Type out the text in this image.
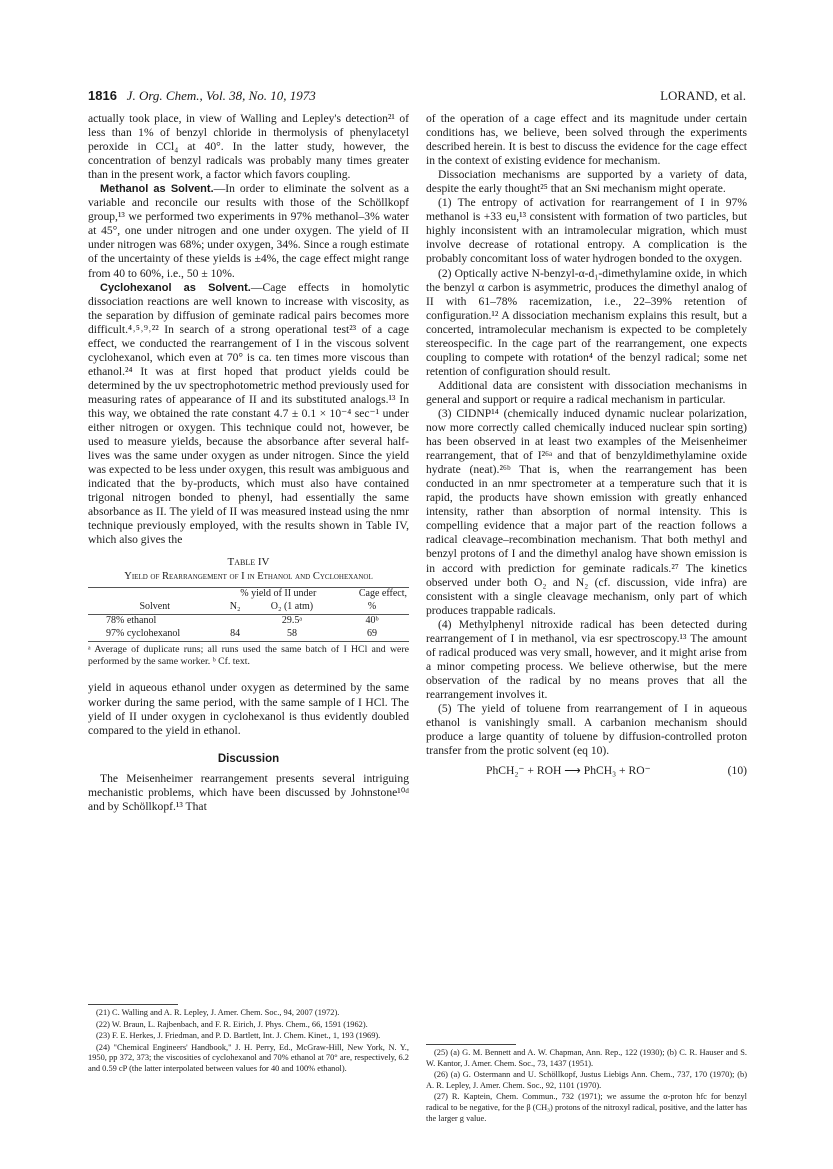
1816 J. Org. Chem., Vol. 38, No. 10, 1973	LORAND, et al.

actually took place, in view of Walling and Lepley's detection²¹ of less than 1% of benzyl chloride in thermolysis of phenylacetyl peroxide in CCl₄ at 40°. In the latter study, however, the concentration of benzyl radicals was probably many times greater than in the present work, a factor which favors coupling.

Methanol as Solvent.—In order to eliminate the solvent as a variable and reconcile our results with those of the Schöllkopf group,¹³ we performed two experiments in 97% methanol–3% water at 45°, one under nitrogen and one under oxygen. The yield of II under nitrogen was 68%; under oxygen, 34%. Since a rough estimate of the uncertainty of these yields is ±4%, the cage effect might range from 40 to 60%, i.e., 50 ± 10%.

Cyclohexanol as Solvent.—Cage effects in homolytic dissociation reactions are well known to increase with viscosity, as the separation by diffusion of geminate radical pairs becomes more difficult.⁴˒⁵˒⁹˒²² In search of a strong operational test²³ of a cage effect, we conducted the rearrangement of I in the viscous solvent cyclohexanol, which even at 70° is ca. ten times more viscous than ethanol.²⁴ It was at first hoped that product yields could be determined by the uv spectrophotometric method previously used for measuring rates of appearance of II and its substituted analogs.¹³ In this way, we obtained the rate constant 4.7 ± 0.1 × 10⁻⁴ sec⁻¹ under either nitrogen or oxygen. This technique could not, however, be used to measure yields, because the absorbance after several half-lives was the same under oxygen as under nitrogen. Since the yield was expected to be less under oxygen, this result was ambiguous and indicated that the by-products, which must also have contained trigonal nitrogen bonded to phenyl, had essentially the same absorbance as II. The yield of II was measured instead using the nmr technique previously employed, with the results shown in Table IV, which also gives the

Table IV
Yield of Rearrangement of I in Ethanol and Cyclohexanol

	% yield of II under		Cage effect,
Solvent	N₂	O₂ (1 atm)	%

78% ethanol		29.5ᵃ	40ᵇ
97% cyclohexanol	84	58	69

ᵃ Average of duplicate runs; all runs used the same batch of I HCl and were performed by the same worker. ᵇ Cf. text.

yield in aqueous ethanol under oxygen as determined by the same worker during the same period, with the same sample of I HCl. The yield of II under oxygen in cyclohexanol is thus evidently doubled compared to the yield in ethanol.

Discussion

The Meisenheimer rearrangement presents several intriguing mechanistic problems, which have been discussed by Johnstone¹⁰ᵈ and by Schöllkopf.¹³ That

(21) C. Walling and A. R. Lepley, J. Amer. Chem. Soc., 94, 2007 (1972).

(22) W. Braun, L. Rajbenbach, and F. R. Eirich, J. Phys. Chem., 66, 1591 (1962).

(23) F. E. Herkes, J. Friedman, and P. D. Bartlett, Int. J. Chem. Kinet., 1, 193 (1969).

(24) "Chemical Engineers' Handbook," J. H. Perry, Ed., McGraw-Hill, New York, N. Y., 1950, pp 372, 373; the viscosities of cyclohexanol and 70% ethanol at 70° are, respectively, 6.2 and 0.59 cP (the latter interpolated between values for 40 and 100% ethanol).

of the operation of a cage effect and its magnitude under certain conditions has, we believe, been solved through the experiments described herein. It is best to discuss the evidence for the cage effect in the context of existing evidence for mechanism.

Dissociation mechanisms are supported by a variety of data, despite the early thought²⁵ that an Sɴi mechanism might operate.

(1) The entropy of activation for rearrangement of I in 97% methanol is +33 eu,¹³ consistent with formation of two particles, but highly inconsistent with an intramolecular migration, which must involve decrease of rotational entropy. A complication is the probably concomitant loss of water hydrogen bonded to the oxygen.

(2) Optically active N-benzyl-α-d₁-dimethylamine oxide, in which the benzyl α carbon is asymmetric, produces the dimethyl analog of II with 61–78% racemization, i.e., 22–39% retention of configuration.¹² A dissociation mechanism explains this result, but a concerted, intramolecular mechanism is expected to be completely stereospecific. In the cage part of the rearrangement, one expects coupling to compete with rotation⁴ of the benzyl radical; some net retention of configuration should result.

Additional data are consistent with dissociation mechanisms in general and support or require a radical mechanism in particular.

(3) CIDNP¹⁴ (chemically induced dynamic nuclear polarization, now more correctly called chemically induced nuclear spin sorting) has been observed in at least two examples of the Meisenheimer rearrangement, that of I²⁶ᵃ and that of benzyldimethylamine oxide hydrate (neat).²⁶ᵇ That is, when the rearrangement has been conducted in an nmr spectrometer at a temperature such that it is rapid, the products have shown emission with greatly enhanced intensity, rather than absorption of normal intensity. This is compelling evidence that a major part of the reaction follows a radical cleavage–recombination mechanism. That both methyl and benzyl protons of I and the dimethyl analog have shown emission is in accord with prediction for geminate radicals.²⁷ The kinetics observed under both O₂ and N₂ (cf. discussion, vide infra) are consistent with a single cleavage mechanism, only part of which produces trappable radicals.

(4) Methylphenyl nitroxide radical has been detected during rearrangement of I in methanol, via esr spectroscopy.¹³ The amount of radical produced was very small, however, and it might arise from a minor competing process. We believe otherwise, but the mere observation of the radical by no means proves that all the rearrangement involves it.

(5) The yield of toluene from rearrangement of I in aqueous ethanol is vanishingly small. A carbanion mechanism should produce a large quantity of toluene by diffusion-controlled proton transfer from the protic solvent (eq 10).

PhCH₂⁻ + ROH ⟶ PhCH₃ + RO⁻	(10)

(25) (a) G. M. Bennett and A. W. Chapman, Ann. Rep., 122 (1930); (b) C. R. Hauser and S. W. Kantor, J. Amer. Chem. Soc., 73, 1437 (1951).

(26) (a) G. Ostermann and U. Schöllkopf, Justus Liebigs Ann. Chem., 737, 170 (1970); (b) A. R. Lepley, J. Amer. Chem. Soc., 92, 1101 (1970).

(27) R. Kaptein, Chem. Commun., 732 (1971); we assume the α-proton hfc for benzyl radical to be negative, for the β (CH₃) protons of the nitroxyl radical, positive, and the latter has the larger g value.
